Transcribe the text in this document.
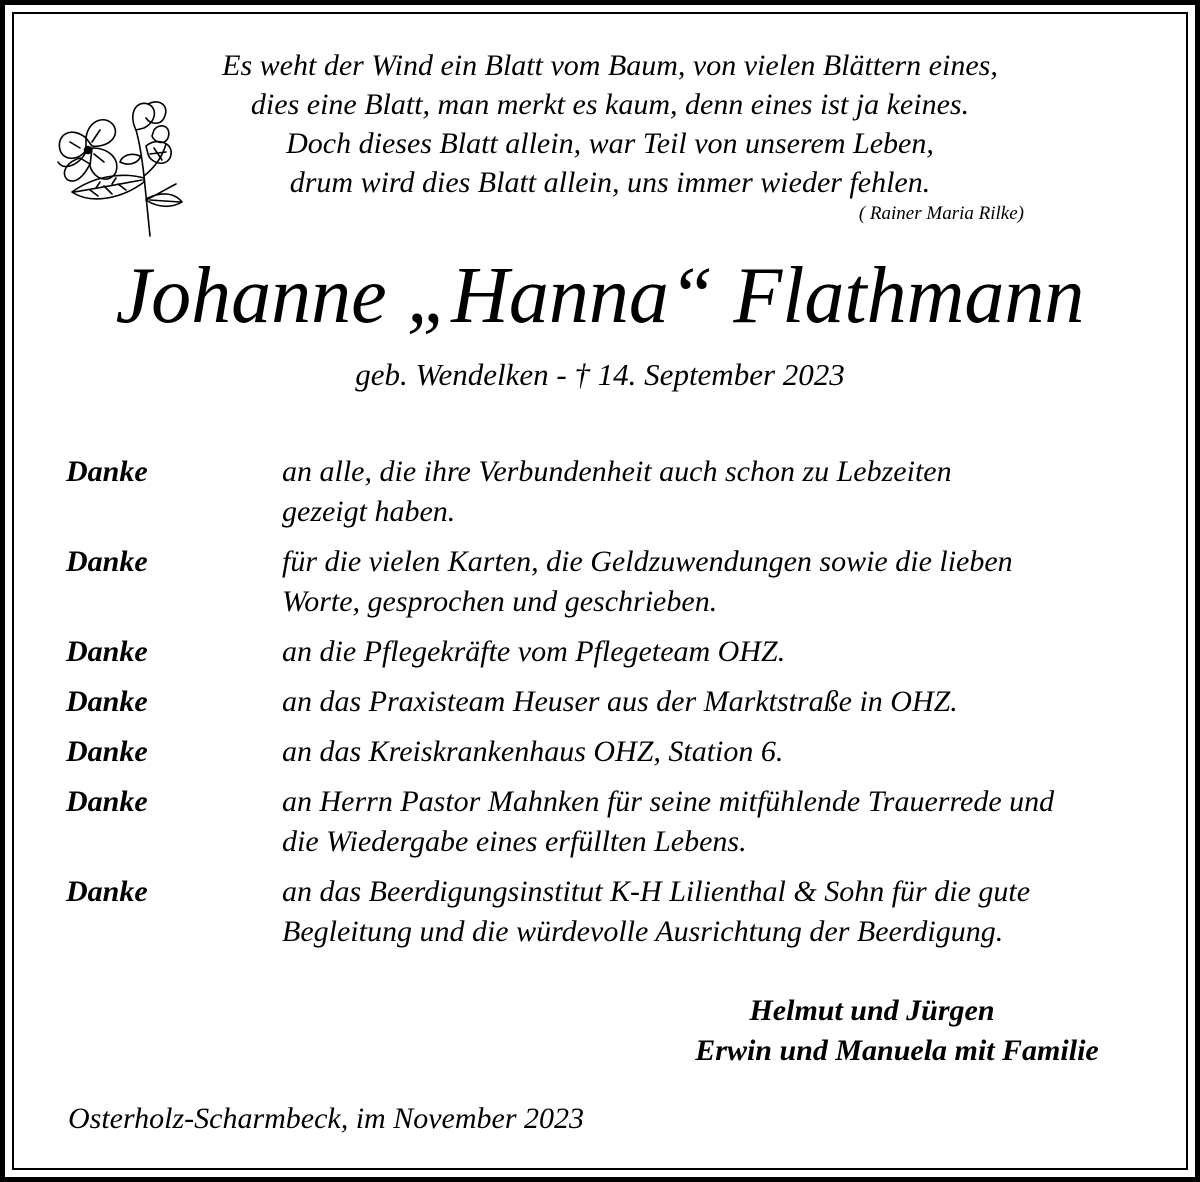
Es weht der Wind ein Blatt vom Baum, von vielen Blättern eines,
dies eine Blatt, man merkt es kaum, denn eines ist ja keines.
Doch dieses Blatt allein, war Teil von unserem Leben,
drum wird dies Blatt allein, uns immer wieder fehlen.
( Rainer Maria Rilke)
Johanne „Hanna“ Flathmann
geb. Wendelken - † 14. September 2023
Danke	an alle, die ihre Verbundenheit auch schon zu Lebzeiten
gezeigt haben.
Danke	für die vielen Karten, die Geldzuwendungen sowie die lieben
Worte, gesprochen und geschrieben.
Danke	an die Pflegekräfte vom Pflegeteam OHZ.
Danke	an das Praxisteam Heuser aus der Marktstraße in OHZ.
Danke	an das Kreiskrankenhaus OHZ, Station 6.
Danke	an Herrn Pastor Mahnken für seine mitfühlende Trauerrede und
die Wiedergabe eines erfüllten Lebens.
Danke	an das Beerdigungsinstitut K-H Lilienthal & Sohn für die gute
Begleitung und die würdevolle Ausrichtung der Beerdigung.
Helmut und Jürgen
Erwin und Manuela mit Familie
Osterholz-Scharmbeck, im November 2023
